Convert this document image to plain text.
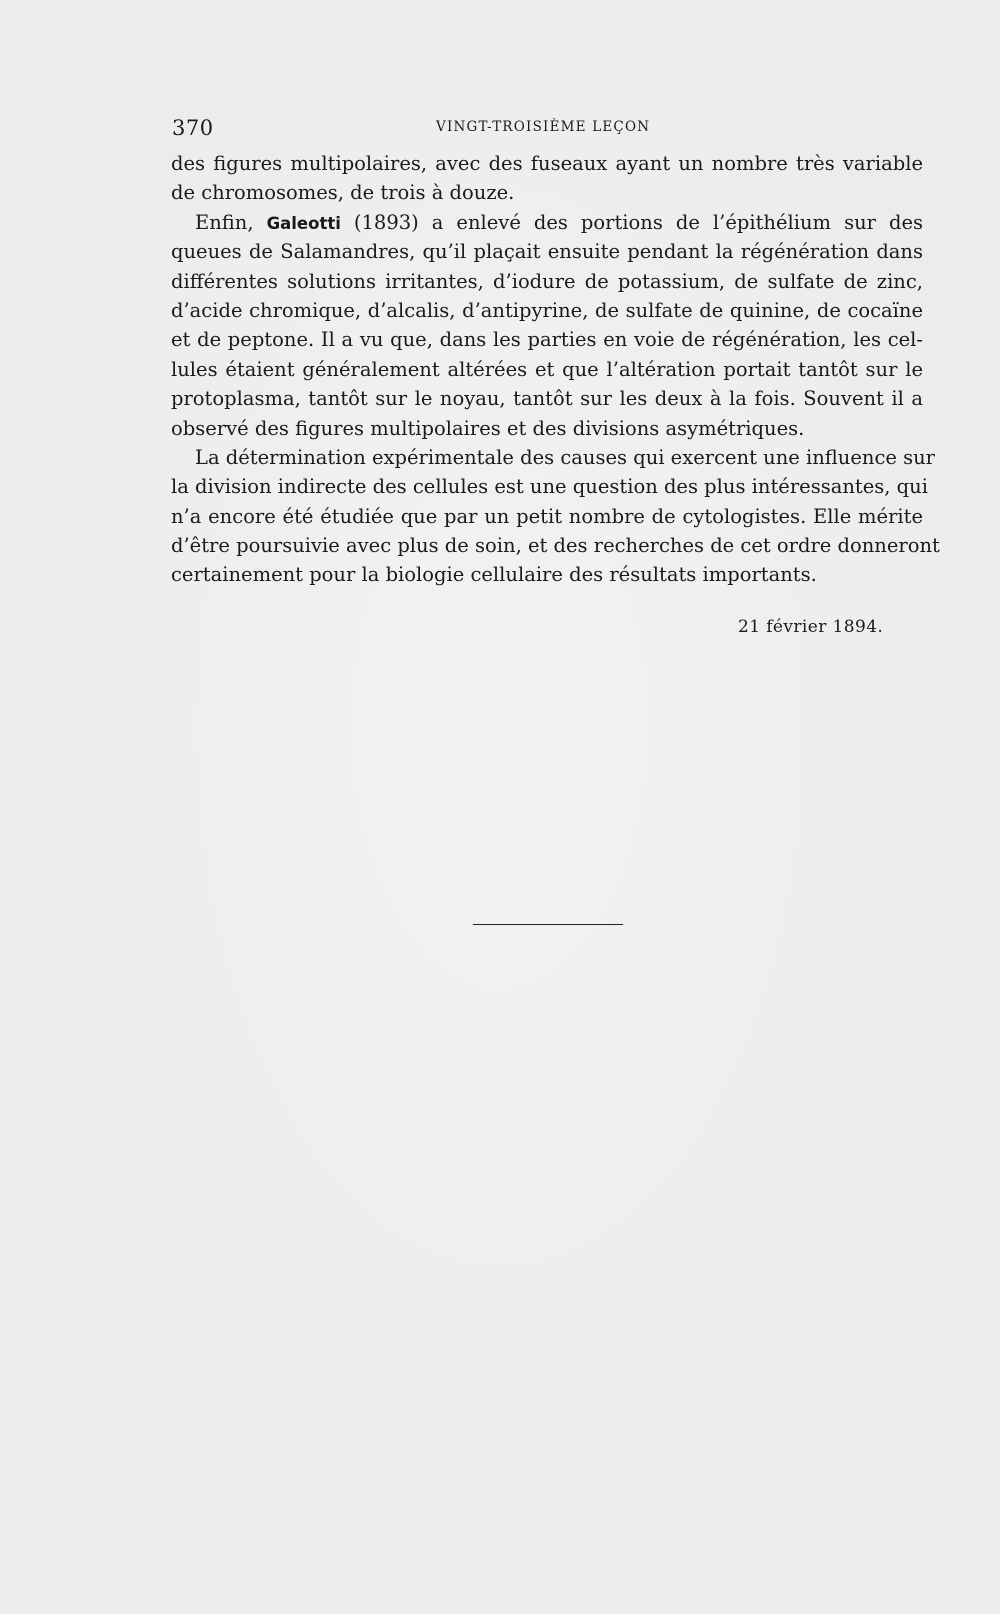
370	VINGT-TROISIÈME LEÇON
des figures multipolaires, avec des fuseaux ayant un nombre très variable
de chromosomes, de trois à douze.
Enfin, Galeotti (1893) a enlevé des portions de l’épithélium sur des
queues de Salamandres, qu’il plaçait ensuite pendant la régénération dans
différentes solutions irritantes, d’iodure de potassium, de sulfate de zinc,
d’acide chromique, d’alcalis, d’antipyrine, de sulfate de quinine, de cocaïne
et de peptone. Il a vu que, dans les parties en voie de régénération, les cel-
lules étaient généralement altérées et que l’altération portait tantôt sur le
protoplasma, tantôt sur le noyau, tantôt sur les deux à la fois. Souvent il a
observé des figures multipolaires et des divisions asymétriques.
La détermination expérimentale des causes qui exercent une influence sur
la division indirecte des cellules est une question des plus intéressantes, qui
n’a encore été étudiée que par un petit nombre de cytologistes. Elle mérite
d’être poursuivie avec plus de soin, et des recherches de cet ordre donneront
certainement pour la biologie cellulaire des résultats importants.
21 février 1894.
